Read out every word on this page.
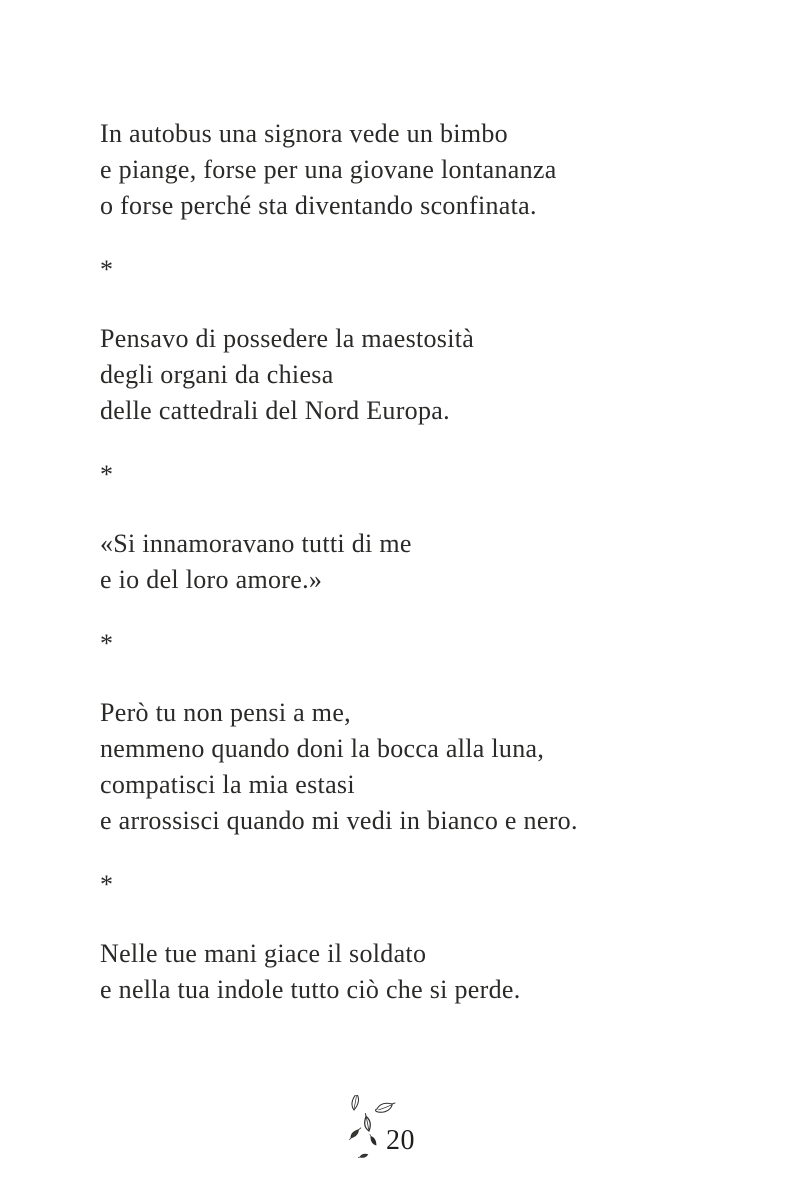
In autobus una signora vede un bimbo

e piange, forse per una giovane lontananza

o forse perché sta diventando sconfinata.

*

Pensavo di possedere la maestosità

degli organi da chiesa

delle cattedrali del Nord Europa.

*

«Si innamoravano tutti di me

e io del loro amore.»

*

Però tu non pensi a me,

nemmeno quando doni la bocca alla luna,

compatisci la mia estasi

e arrossisci quando mi vedi in bianco e nero.

*

Nelle tue mani giace il soldato

e nella tua indole tutto ciò che si perde.

20
